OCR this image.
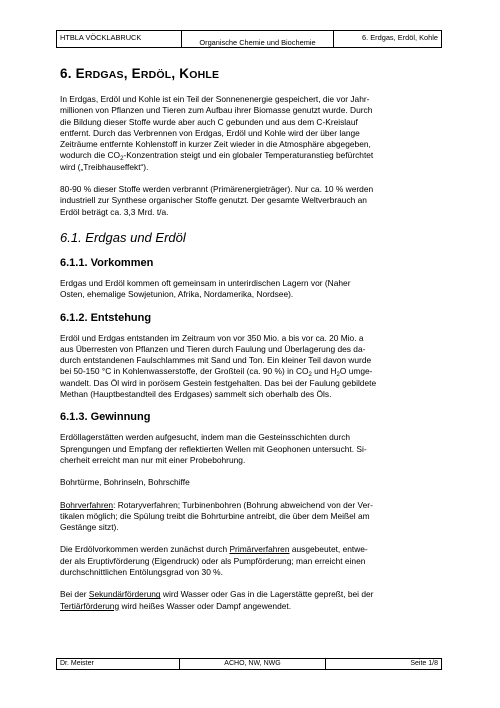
HTBLA VÖCKLABRUCK
Organische Chemie und Biochemie
6. Erdgas, Erdöl, Kohle
6. ERDGAS, ERDÖL, KOHLE

In Erdgas, Erdöl und Kohle ist ein Teil der Sonnenenergie gespeichert, die vor Jahr-
millionen von Pflanzen und Tieren zum Aufbau ihrer Biomasse genutzt wurde. Durch
die Bildung dieser Stoffe wurde aber auch C gebunden und aus dem C-Kreislauf
entfernt. Durch das Verbrennen von Erdgas, Erdöl und Kohle wird der über lange
Zeiträume entfernte Kohlenstoff in kurzer Zeit wieder in die Atmosphäre abgegeben,
wodurch die $CO_2$-Konzentration steigt und ein globaler Temperaturanstieg befürchtet
wird („Treibhauseffekt“).

80-90 % dieser Stoffe werden verbrannt (Primärenergieträger). Nur ca. 10 % werden
industriell zur Synthese organischer Stoffe genutzt. Der gesamte Weltverbrauch an
Erdöl beträgt ca. 3,3 Mrd. t/a.

6.1. Erdgas und Erdöl
6.1.1. Vorkommen

Erdgas und Erdöl kommen oft gemeinsam in unterirdischen Lagern vor (Naher
Osten, ehemalige Sowjetunion, Afrika, Nordamerika, Nordsee).

6.1.2. Entstehung

Erdöl und Erdgas entstanden im Zeitraum von vor 350 Mio. a bis vor ca. 20 Mio. a
aus Überresten von Pflanzen und Tieren durch Faulung und Überlagerung des da-
durch entstandenen Faulschlammes mit Sand und Ton. Ein kleiner Teil davon wurde
bei 50-150 °C in Kohlenwasserstoffe, der Großteil (ca. 90 %) in $CO_2$ und $H_2O$ umge-
wandelt. Das Öl wird in porösem Gestein festgehalten. Das bei der Faulung gebildete
Methan (Hauptbestandteil des Erdgases) sammelt sich oberhalb des Öls.

6.1.3. Gewinnung

Erdöllagerstätten werden aufgesucht, indem man die Gesteinsschichten durch
Sprengungen und Empfang der reflektierten Wellen mit Geophonen untersucht. Si-
cherheit erreicht man nur mit einer Probebohrung.

Bohrtürme, Bohrinseln, Bohrschiffe

Bohrverfahren: Rotaryverfahren; Turbinenbohren (Bohrung abweichend von der Ver-
tikalen möglich; die Spülung treibt die Bohrturbine antreibt, die über dem Meißel am
Gestänge sitzt).

Die Erdölvorkommen werden zunächst durch Primärverfahren ausgebeutet, entwe-
der als Eruptivförderung (Eigendruck) oder als Pumpförderung; man erreicht einen
durchschnittlichen Entölungsgrad von 30 %.

Bei der Sekundärförderung wird Wasser oder Gas in die Lagerstätte gepreßt, bei der
Tertiärförderung wird heißes Wasser oder Dampf angewendet.

Dr. Meister	ACHO, NW, NWG	Seite 1/8
